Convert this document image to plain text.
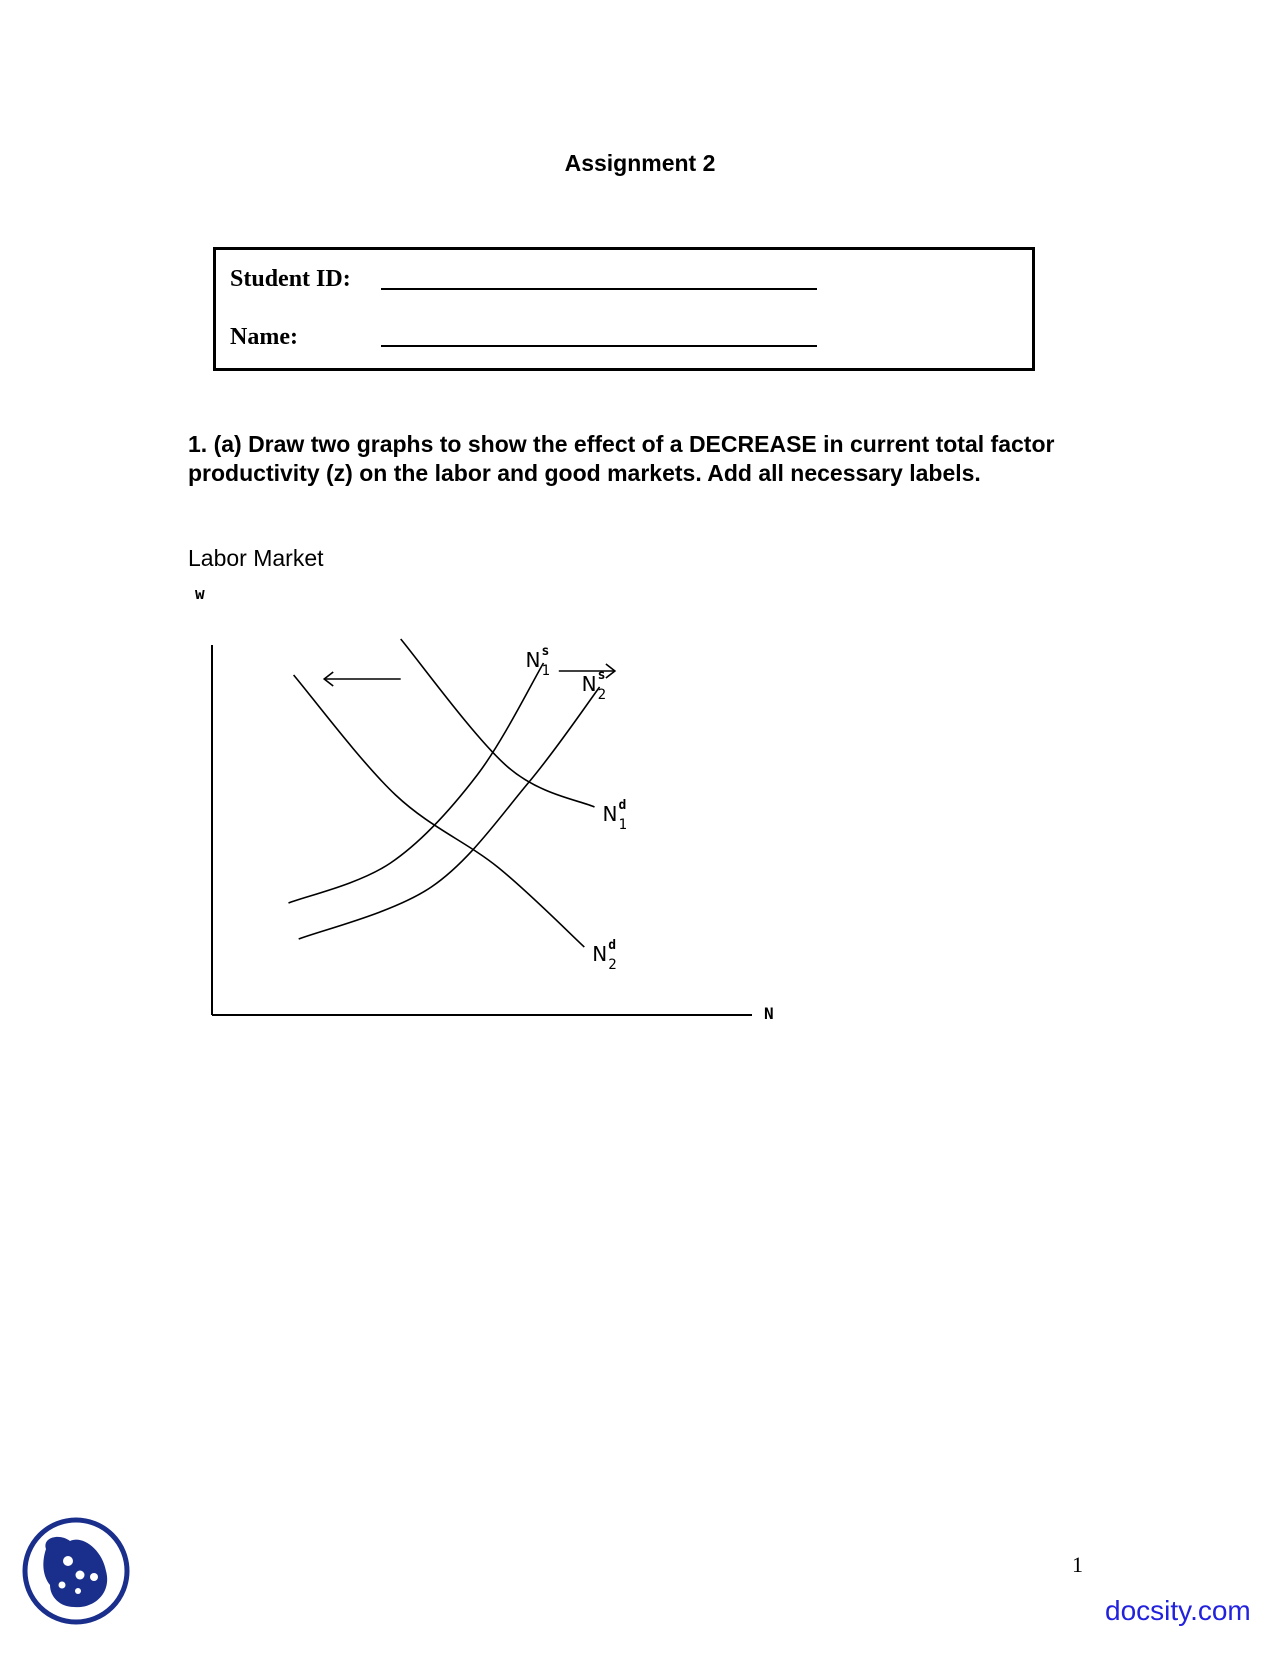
Assignment 2
Student ID:
Name:
1. (a) Draw two graphs to show the effect of a DECREASE in current total factor productivity (z) on the labor and good markets. Add all necessary labels.
Labor Market
w
N
N s
1
N s
2
N d
1
N d
2
1
docsity.com
